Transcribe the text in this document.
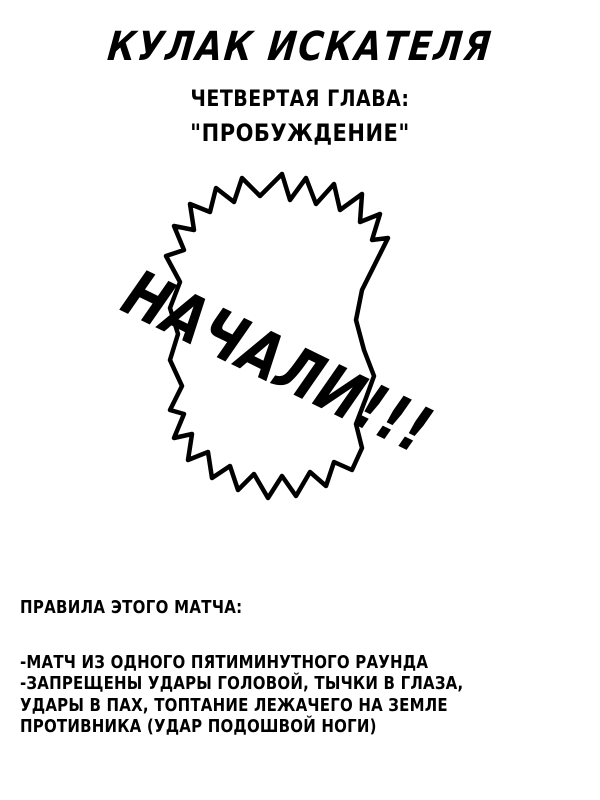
КУЛАК ИСКАТЕЛЯ
ЧЕТВЕРТАЯ ГЛАВА:
"ПРОБУЖДЕНИЕ"
НАЧАЛИ!!!
ПРАВИЛА ЭТОГО МАТЧА:
-МАТЧ ИЗ ОДНОГО ПЯТИМИНУТНОГО РАУНДА
-ЗАПРЕЩЕНЫ УДАРЫ ГОЛОВОЙ, ТЫЧКИ В ГЛАЗА,
УДАРЫ В ПАХ, ТОПТАНИЕ ЛЕЖАЧЕГО НА ЗЕМЛЕ
ПРОТИВНИКА (УДАР ПОДОШВОЙ НОГИ)
